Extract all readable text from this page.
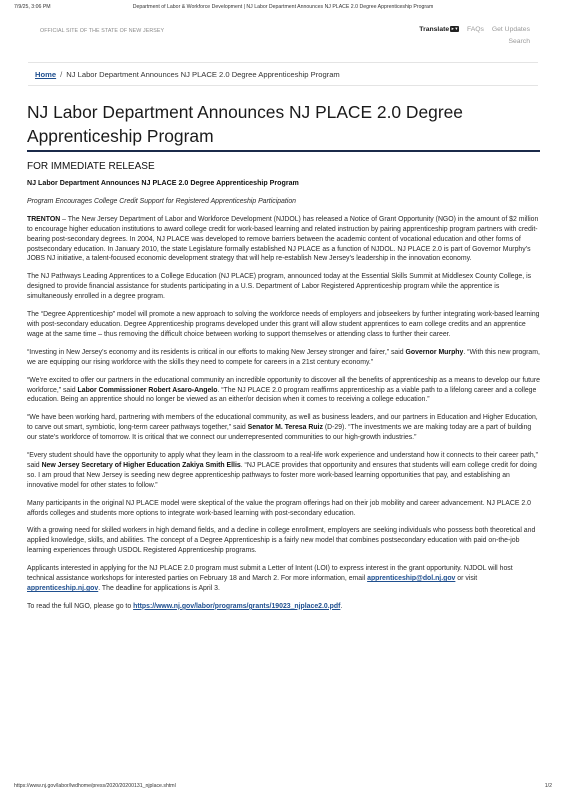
7/9/25, 3:06 PM	Department of Labor & Workforce Development | NJ Labor Department Announces NJ PLACE 2.0 Degree Apprenticeship Program
OFFICIAL SITE OF THE STATE OF NEW JERSEY	Translate ▸ ▾ FAQs Get Updates
Search
Home / NJ Labor Department Announces NJ PLACE 2.0 Degree Apprenticeship Program
NJ Labor Department Announces NJ PLACE 2.0 Degree Apprenticeship Program
FOR IMMEDIATE RELEASE
NJ Labor Department Announces NJ PLACE 2.0 Degree Apprenticeship Program
Program Encourages College Credit Support for Registered Apprenticeship Participation

TRENTON – The New Jersey Department of Labor and Workforce Development (NJDOL) has released a Notice of Grant Opportunity (NGO) in the amount of $2 million to encourage higher education institutions to award college credit for work-based learning and related instruction by pairing apprenticeship program partners with credit-bearing post-secondary degrees. In 2004, NJ PLACE was developed to remove barriers between the academic content of vocational education and other forms of postsecondary education. In January 2010, the state Legislature formally established NJ PLACE as a function of NJDOL. NJ PLACE 2.0 is part of Governor Murphy’s JOBS NJ initiative, a talent-focused economic development strategy that will help re-establish New Jersey’s leadership in the innovation economy.

The NJ Pathways Leading Apprentices to a College Education (NJ PLACE) program, announced today at the Essential Skills Summit at Middlesex County College, is designed to provide financial assistance for students participating in a U.S. Department of Labor Registered Apprenticeship program while the apprentice is simultaneously enrolled in a degree program.

The “Degree Apprenticeship” model will promote a new approach to solving the workforce needs of employers and jobseekers by further integrating work-based learning with post-secondary education. Degree Apprenticeship programs developed under this grant will allow student apprentices to earn college credits and an apprentice wage at the same time – thus removing the difficult choice between working to support themselves or attending class to further their career.

“Investing in New Jersey’s economy and its residents is critical in our efforts to making New Jersey stronger and fairer,” said Governor Murphy. “With this new program, we are equipping our rising workforce with the skills they need to compete for careers in a 21st century economy.”

“We’re excited to offer our partners in the educational community an incredible opportunity to discover all the benefits of apprenticeship as a means to develop our future workforce,” said Labor Commissioner Robert Asaro-Angelo. “The NJ PLACE 2.0 program reaffirms apprenticeship as a viable path to a lifelong career and a college education. Being an apprentice should no longer be viewed as an either/or decision when it comes to receiving a college education.”

“We have been working hard, partnering with members of the educational community, as well as business leaders, and our partners in Education and Higher Education, to carve out smart, symbiotic, long-term career pathways together,” said Senator M. Teresa Ruiz (D-29). “The investments we are making today are a part of building our state’s workforce of tomorrow. It is critical that we connect our underrepresented communities to our high-growth industries.”

“Every student should have the opportunity to apply what they learn in the classroom to a real-life work experience and understand how it connects to their career path,” said New Jersey Secretary of Higher Education Zakiya Smith Ellis. “NJ PLACE provides that opportunity and ensures that students will earn college credit for doing so. I am proud that New Jersey is seeding new degree apprenticeship pathways to foster more work-based learning opportunities that pay, and establishing an innovative model for other states to follow.”

Many participants in the original NJ PLACE model were skeptical of the value the program offerings had on their job mobility and career advancement. NJ PLACE 2.0 affords colleges and students more options to integrate work-based learning with post-secondary education.

With a growing need for skilled workers in high demand fields, and a decline in college enrollment, employers are seeking individuals who possess both theoretical and applied knowledge, skills, and abilities. The concept of a Degree Apprenticeship is a fairly new model that combines postsecondary education with paid on-the-job learning experiences through USDOL Registered Apprenticeship programs.

Applicants interested in applying for the NJ PLACE 2.0 program must submit a Letter of Intent (LOI) to express interest in the grant opportunity. NJDOL will host technical assistance workshops for interested parties on February 18 and March 2. For more information, email apprenticeship@dol.nj.gov or visit apprenticeship.nj.gov. The deadline for applications is April 3.

To read the full NGO, please go to https://www.nj.gov/labor/programs/grants/19023_njplace2.0.pdf.

https://www.nj.gov/labor/lwdhome/press/2020/20200131_njplace.shtml	1/2
